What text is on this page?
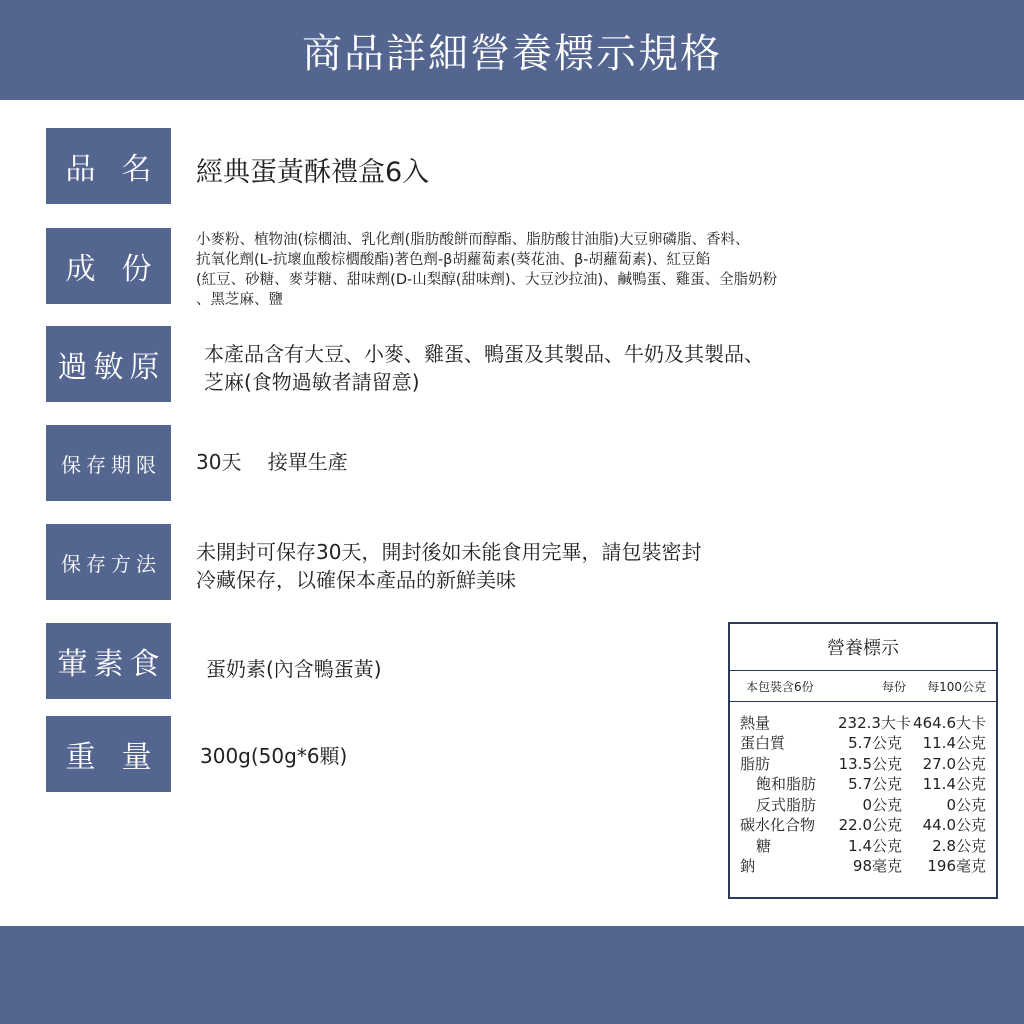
商品詳細營養標示規格
品名 經典蛋黃酥禮盒6入
成份
小麥粉、植物油(棕櫚油、乳化劑(脂肪酸餅而醇酯、脂肪酸甘油脂)大豆卵磷脂、香料、
抗氧化劑(L-抗壞血酸棕櫚酸酯)著色劑-β胡蘿蔔素(葵花油、β-胡蘿蔔素)、紅豆餡
(紅豆、砂糖、麥芽糖、甜味劑(D-山梨醇(甜味劑)、大豆沙拉油)、鹹鴨蛋、雞蛋、全脂奶粉
、黑芝麻、鹽
過敏原 本產品含有大豆、小麥、雞蛋、鴨蛋及其製品、牛奶及其製品、
芝麻(食物過敏者請留意)
保存期限	30天　 接單生產
保存方法	未開封可保存30天，開封後如未能食用完畢，請包裝密封
冷藏保存，以確保本產品的新鮮美味
葷素食 蛋奶素(內含鴨蛋黃)
重量 300g(50g*6顆)
營養標示
本包裝含6份	每份	每100公克
熱量	232.3大卡 464.6大卡
蛋白質	5.7公克	11.4公克
脂肪	13.5公克	27.0公克
飽和脂肪	5.7公克	11.4公克
反式脂肪	0公克	0公克
碳水化合物	22.0公克	44.0公克
糖	1.4公克	2.8公克
鈉	98毫克	196毫克
